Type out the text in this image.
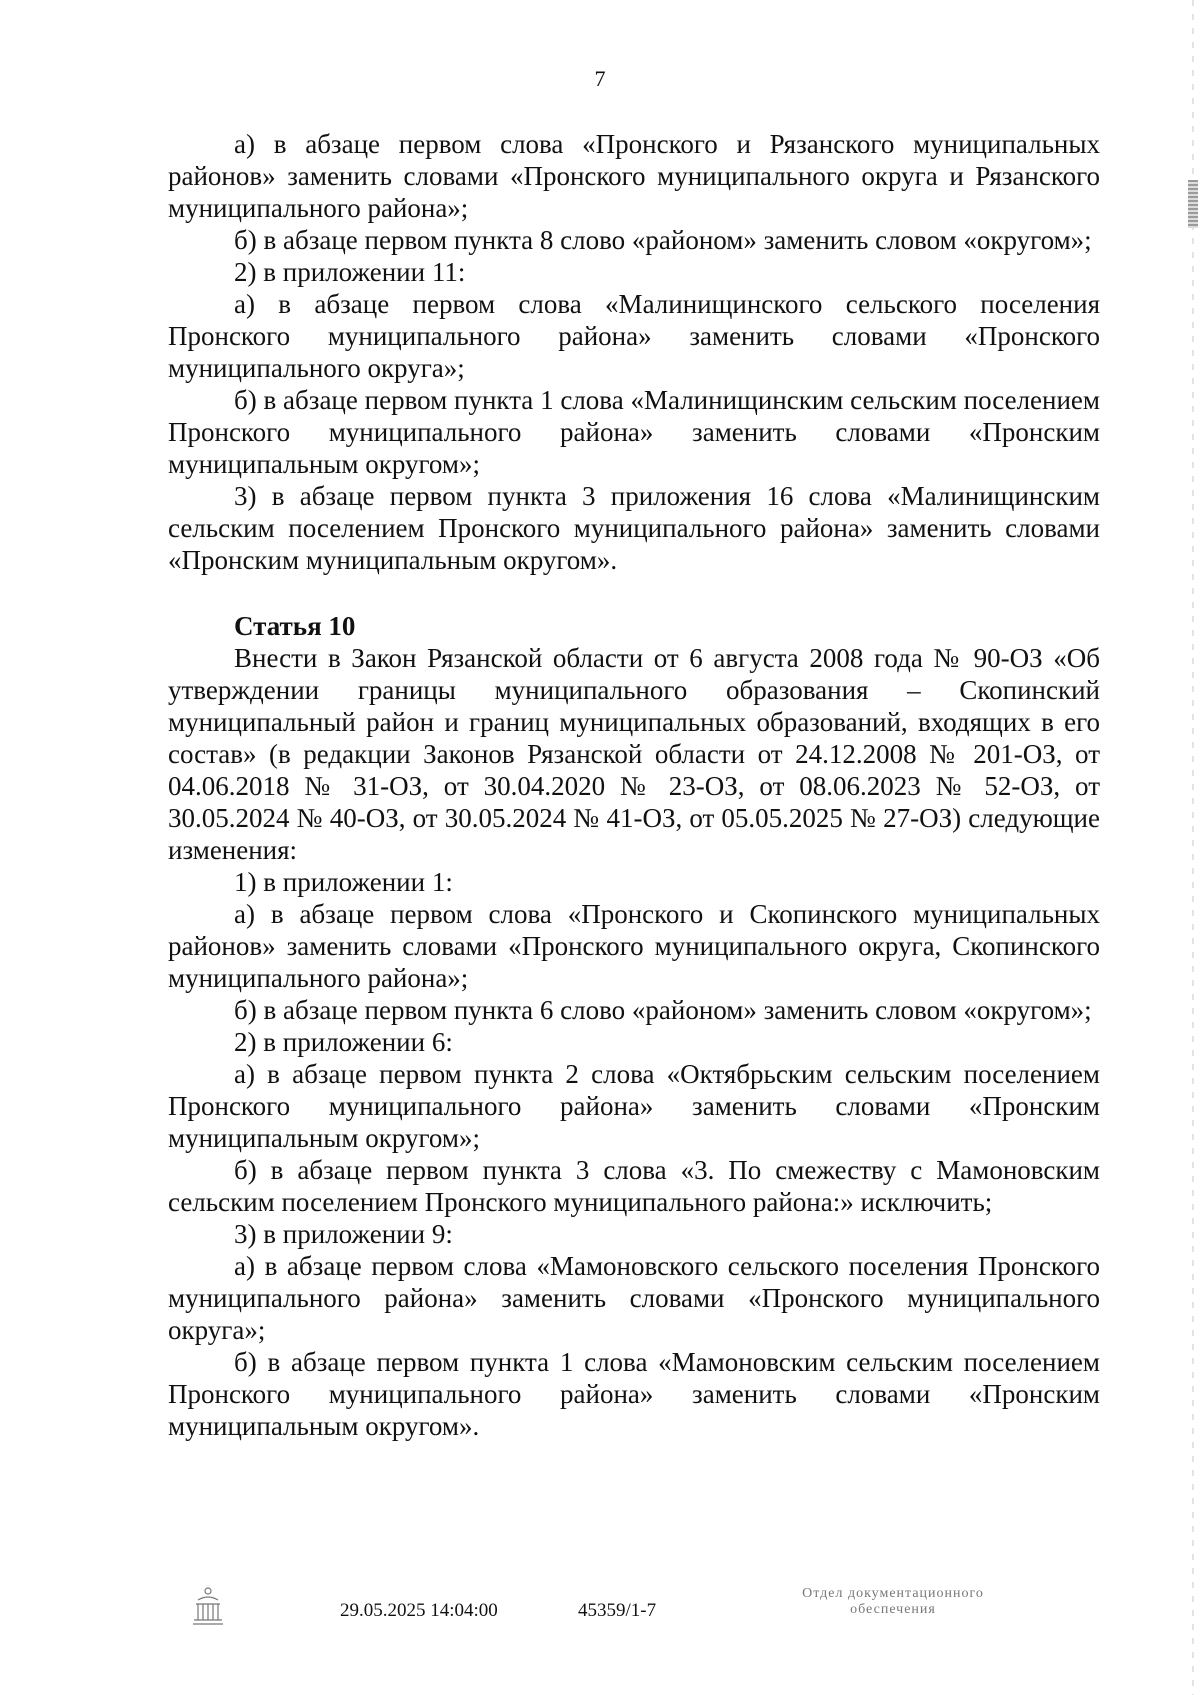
7

а) в абзаце первом слова «Пронского и Рязанского муниципальных районов» заменить словами «Пронского муниципального округа и Рязанского муниципального района»;

б) в абзаце первом пункта 8 слово «районом» заменить словом «округом»;

2) в приложении 11:

а) в абзаце первом слова «Малинищинского сельского поселения Пронского муниципального района» заменить словами «Пронского муниципального округа»;

б) в абзаце первом пункта 1 слова «Малинищинским сельским поселением Пронского муниципального района» заменить словами «Пронским муниципальным округом»;

3) в абзаце первом пункта 3 приложения 16 слова «Малинищинским сельским поселением Пронского муниципального района» заменить словами «Пронским муниципальным округом».

Статья 10

Внести в Закон Рязанской области от 6 августа 2008 года № 90-ОЗ «Об утверждении границы муниципального образования – Скопинский муниципальный район и границ муниципальных образований, входящих в его состав» (в редакции Законов Рязанской области от 24.12.2008 № 201-ОЗ, от 04.06.2018 № 31-ОЗ, от 30.04.2020 № 23-ОЗ, от 08.06.2023 № 52-ОЗ, от 30.05.2024 № 40-ОЗ, от 30.05.2024 № 41-ОЗ, от 05.05.2025 № 27-ОЗ) следующие изменения:

1) в приложении 1:

а) в абзаце первом слова «Пронского и Скопинского муниципальных районов» заменить словами «Пронского муниципального округа, Скопинского муниципального района»;

б) в абзаце первом пункта 6 слово «районом» заменить словом «округом»;

2) в приложении 6:

а) в абзаце первом пункта 2 слова «Октябрьским сельским поселением Пронского муниципального района» заменить словами «Пронским муниципальным округом»;

б) в абзаце первом пункта 3 слова «3. По смежеству с Мамоновским сельским поселением Пронского муниципального района:» исключить;

3) в приложении 9:

а) в абзаце первом слова «Мамоновского сельского поселения Пронского муниципального района» заменить словами «Пронского муниципального округа»;

б) в абзаце первом пункта 1 слова «Мамоновским сельским поселением Пронского муниципального района» заменить словами «Пронским муниципальным округом».

29.05.2025 14:04:00	45359/1-7
Отдел документационного
обеспечения
